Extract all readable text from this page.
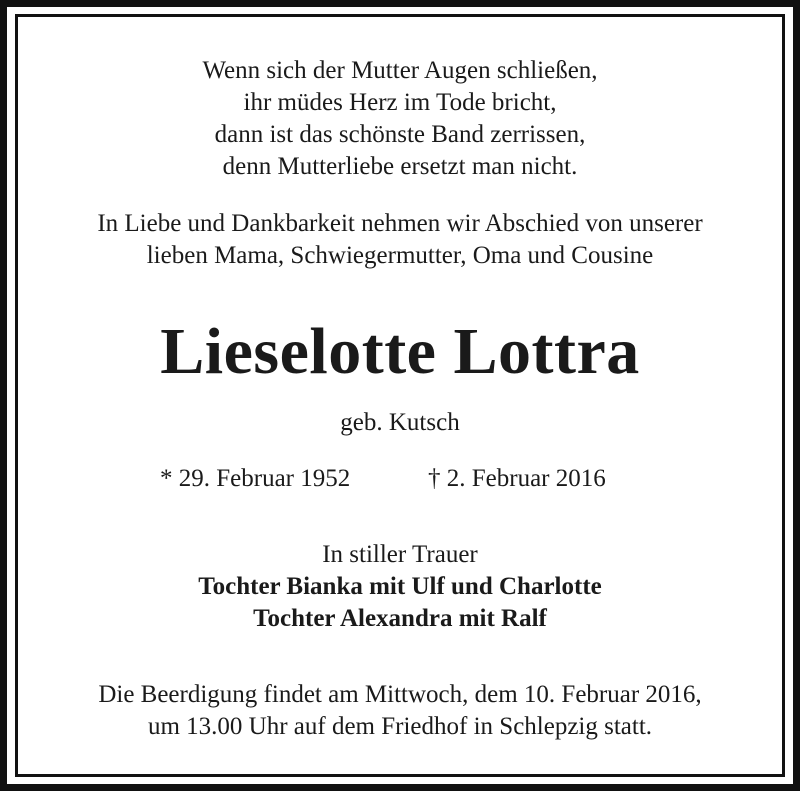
Wenn sich der Mutter Augen schließen,
ihr müdes Herz im Tode bricht,
dann ist das schönste Band zerrissen,
denn Mutterliebe ersetzt man nicht.
In Liebe und Dankbarkeit nehmen wir Abschied von unserer
lieben Mama, Schwiegermutter, Oma und Cousine
Lieselotte Lottra
geb. Kutsch
* 29. Februar 1952	† 2. Februar 2016
In stiller Trauer
Tochter Bianka mit Ulf und Charlotte
Tochter Alexandra mit Ralf
Die Beerdigung findet am Mittwoch, dem 10. Februar 2016,
um 13.00 Uhr auf dem Friedhof in Schlepzig statt.
